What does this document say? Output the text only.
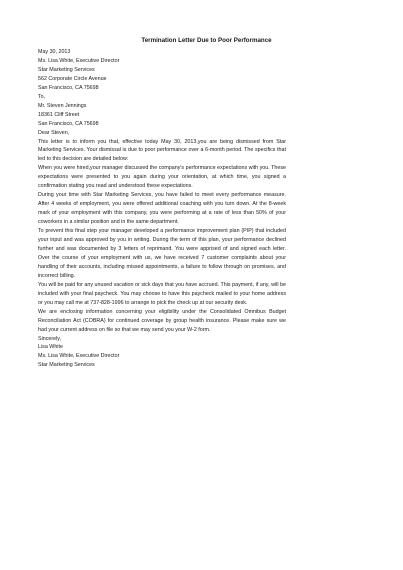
Termination Letter Due to Poor Performance

May 30, 2013

Ms. Lisa White, Executive Director

Star Marketing Services

562 Corporate Circle Avenue

San Francisco, CA 75698

To,

Mr. Steven Jennings

18361 Cliff Street

San Francisco, CA 75698

Dear Steven,

This letter is to inform you that, effective today May 30, 2013,you are being dismissed from Star Marketing Services. Your dismissal is due to poor performance over a 6-month period. The specifics that led to this decision are detailed below:

When you were hired,your manager discussed the company's performance expectations with you. These expectations were presented to you again during your orientation, at which time, you signed a confirmation stating you read and understood these expectations.

During your time with Star Marketing Services, you have failed to meet every performance measure. After 4 weeks of employment, you were offered additional coaching with you turn down. At the 8-week mark of your employment with this company, you were performing at a rate of less than 50% of your coworkers in a similar position and in the same department.

To prevent this final step your manager developed a performance improvement plan (PIP) that included your input and was approved by you in writing. During the term of this plan, your performance declined further and was documented by 3 letters of reprimand. You were apprised of and signed each letter. Over the course of your employment with us, we have received 7 customer complaints about your handling of their accounts, including missed appointments, a failure to follow through on promises, and incorrect billing.

You will be paid for any unused vacation or sick days that you have accrued. This payment, if any, will be included with your final paycheck. You may choose to have this paycheck mailed to your home address or you may call me at 737-828-1996 to arrange to pick the check up at our security desk.

We are enclosing information concerning your eligibility under the Consolidated Omnibus Budget Reconciliation Act (COBRA) for continued coverage by group health insurance. Please make sure we had your current address on file so that we may send you your W-2 form.

Sincerely,

Lisa White

Ms. Lisa White, Executive Director

Star Marketing Services
